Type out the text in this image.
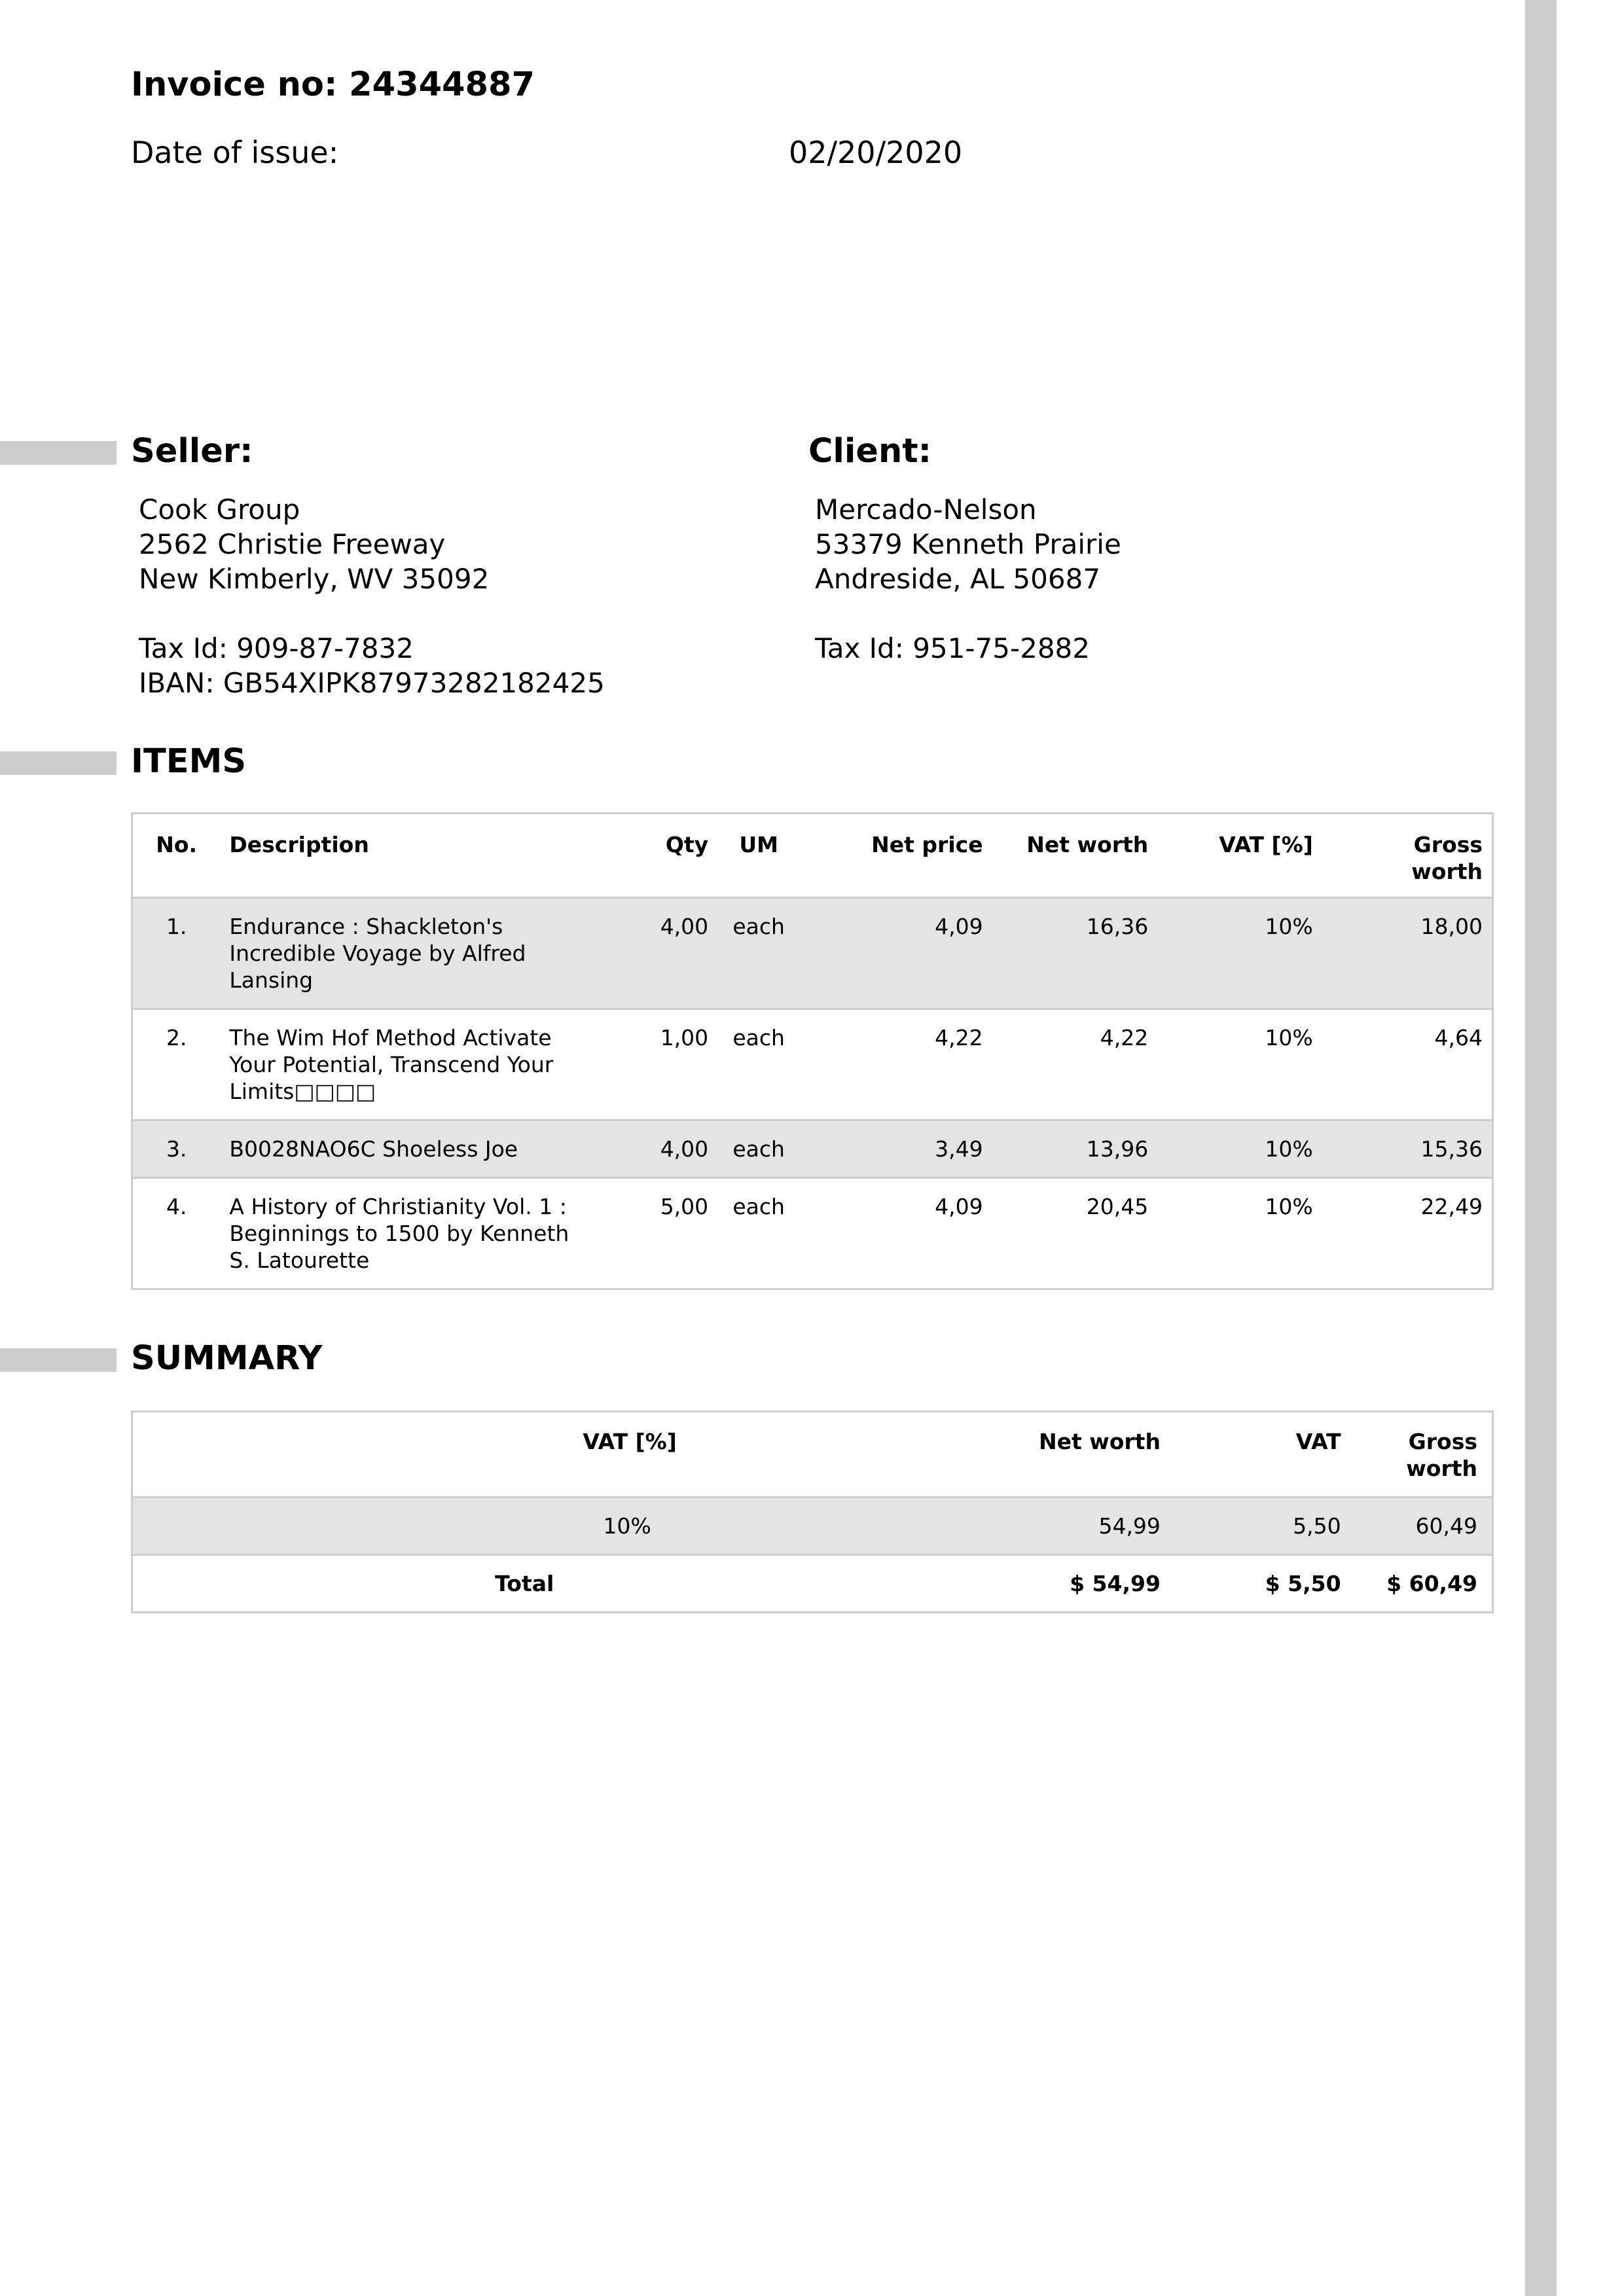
Invoice no: 24344887
Date of issue:	02/20/2020
Seller:	Client:
Cook Group
2562 Christie Freeway
New Kimberly, WV 35092
Tax Id: 909-87-7832
IBAN: GB54XIPK87973282182425
Mercado-Nelson
53379 Kenneth Prairie
Andreside, AL 50687
Tax Id: 951-75-2882
ITEMS
No.	Description	Qty	UM	Net price	Net worth	VAT [%]	Gross
worth
1.	Endurance : Shackleton's
Incredible Voyage by Alfred
Lansing	4,00	each	4,09	16,36	10%	18,00
2.	The Wim Hof Method Activate
Your Potential, Transcend Your
Limits□□□□	1,00	each	4,22	4,22	10%	4,64
3.	B0028NAO6C Shoeless Joe	4,00	each	3,49	13,96	10%	15,36
4.	A History of Christianity Vol. 1 :
Beginnings to 1500 by Kenneth
S. Latourette	5,00	each	4,09	20,45	10%	22,49
SUMMARY
	VAT [%]	Net worth	VAT	Gross worth
	10%	54,99	5,50	60,49
Total		$ 54,99	$ 5,50	$ 60,49
